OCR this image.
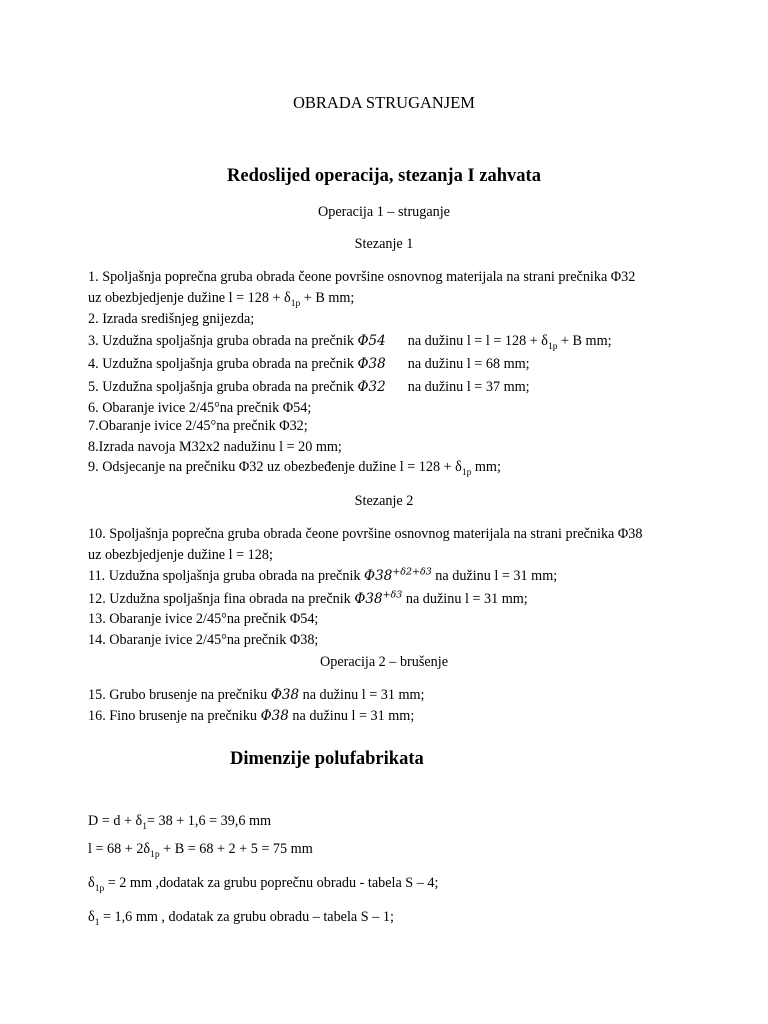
OBRADA STRUGANJEM
Redoslijed operacija, stezanja I zahvata
Operacija 1 – struganje
Stezanje 1
1. Spoljašnja poprečna gruba obrada čeone površine osnovnog materijala na strani prečnika Φ32
uz obezbjedjenje dužine $l = 128 + \delta_{1p} + B$ mm;
2. Izrada središnjeg gnijezda;
3. Uzdužna spoljašnja gruba obrada na prečnik Φ54 na dužinu $l = l = 128 + \delta_{1p} + B$ mm;
4. Uzdužna spoljašnja gruba obrada na prečnik Φ38 na dužinu l = 68 mm;
5. Uzdužna spoljašnja gruba obrada na prečnik Φ32 na dužinu l = 37 mm;
6. Obaranje ivice 2/45°na prečnik Φ54;
7.Obaranje ivice 2/45°na prečnik Φ32;
8.Izrada navoja M32x2 nadužinu l = 20 mm;
9. Odsjecanje na prečniku Φ32 uz obezbeđenje dužine $l = 128 + \delta_{1p}$ mm;
Stezanje 2
10. Spoljašnja poprečna gruba obrada čeone površine osnovnog materijala na strani prečnika Φ38
uz obezbjedjenje dužine l = 128;
11. Uzdužna spoljašnja gruba obrada na prečnik $\Phi 38^{+\delta 2+\delta 3}$ na dužinu l = 31 mm;
12. Uzdužna spoljašnja fina obrada na prečnik $\Phi 38^{+\delta 3}$ na dužinu l = 31 mm;
13. Obaranje ivice 2/45°na prečnik Φ54;
14. Obaranje ivice 2/45°na prečnik Φ38;
Operacija 2 – brušenje
15. Grubo brusenje na prečniku Φ38 na dužinu l = 31 mm;
16. Fino brusenje na prečniku Φ38 na dužinu l = 31 mm;
Dimenzije polufabrikata
$D = d + \delta_1= 38 + 1,6 = 39,6$ mm
$l = 68 + 2\delta_{1p} + B = 68 + 2 + 5 = 75$ mm
$\delta_{1p} = 2$ mm ,dodatak za grubu poprečnu obradu - tabela S – 4;
$\delta_1 = 1,6$ mm , dodatak za grubu obradu – tabela S – 1;
